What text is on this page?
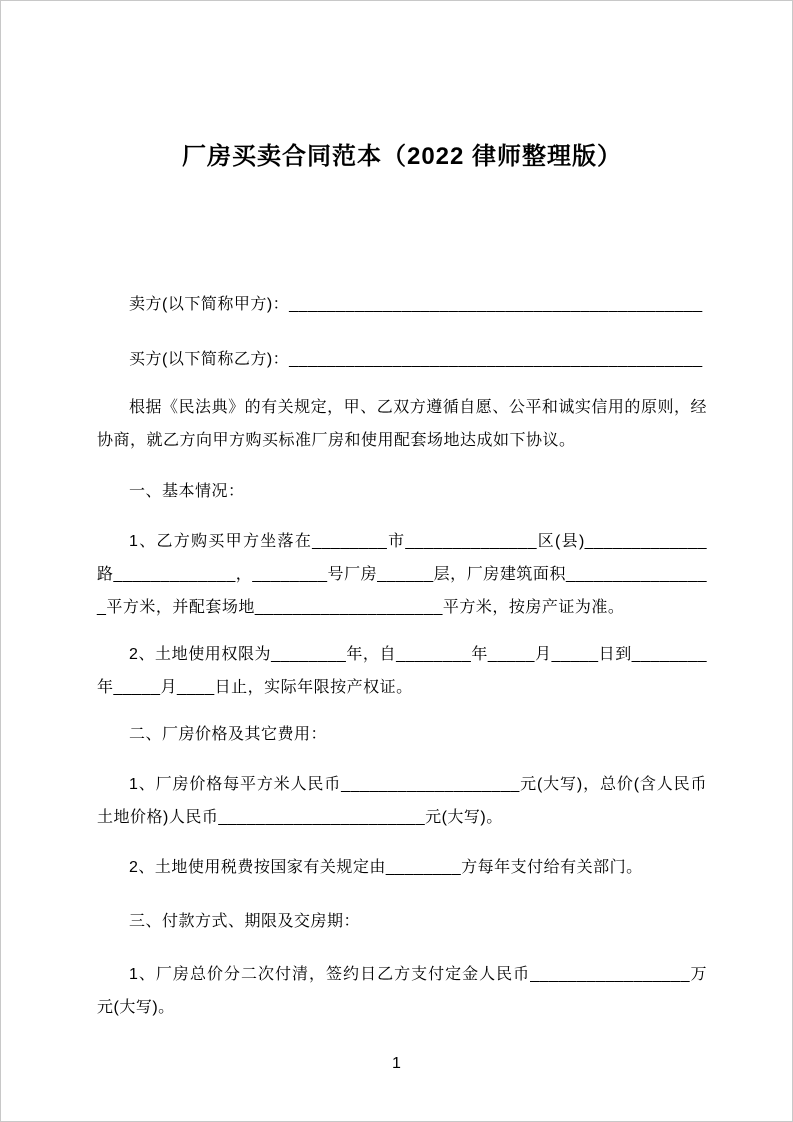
厂房买卖合同范本（2022 律师整理版）

卖方(以下简称甲方)：____________________________________________

买方(以下简称乙方)：____________________________________________

根据《民法典》的有关规定，甲、乙双方遵循自愿、公平和诚实信用的原则，经协商，就乙方向甲方购买标准厂房和使用配套场地达成如下协议。

一、基本情况：

1、乙方购买甲方坐落在________市______________区(县)_____________路_____________，________号厂房______层，厂房建筑面积________________平方米，并配套场地____________________平方米，按房产证为准。

2、土地使用权限为________年，自________年_____月_____日到________年_____月____日止，实际年限按产权证。

二、厂房价格及其它费用：

1、厂房价格每平方米人民币___________________元(大写)，总价(含人民币土地价格)人民币______________________元(大写)。

2、土地使用税费按国家有关规定由________方每年支付给有关部门。

三、付款方式、期限及交房期：

1、厂房总价分二次付清，签约日乙方支付定金人民币_________________万元(大写)。

1
